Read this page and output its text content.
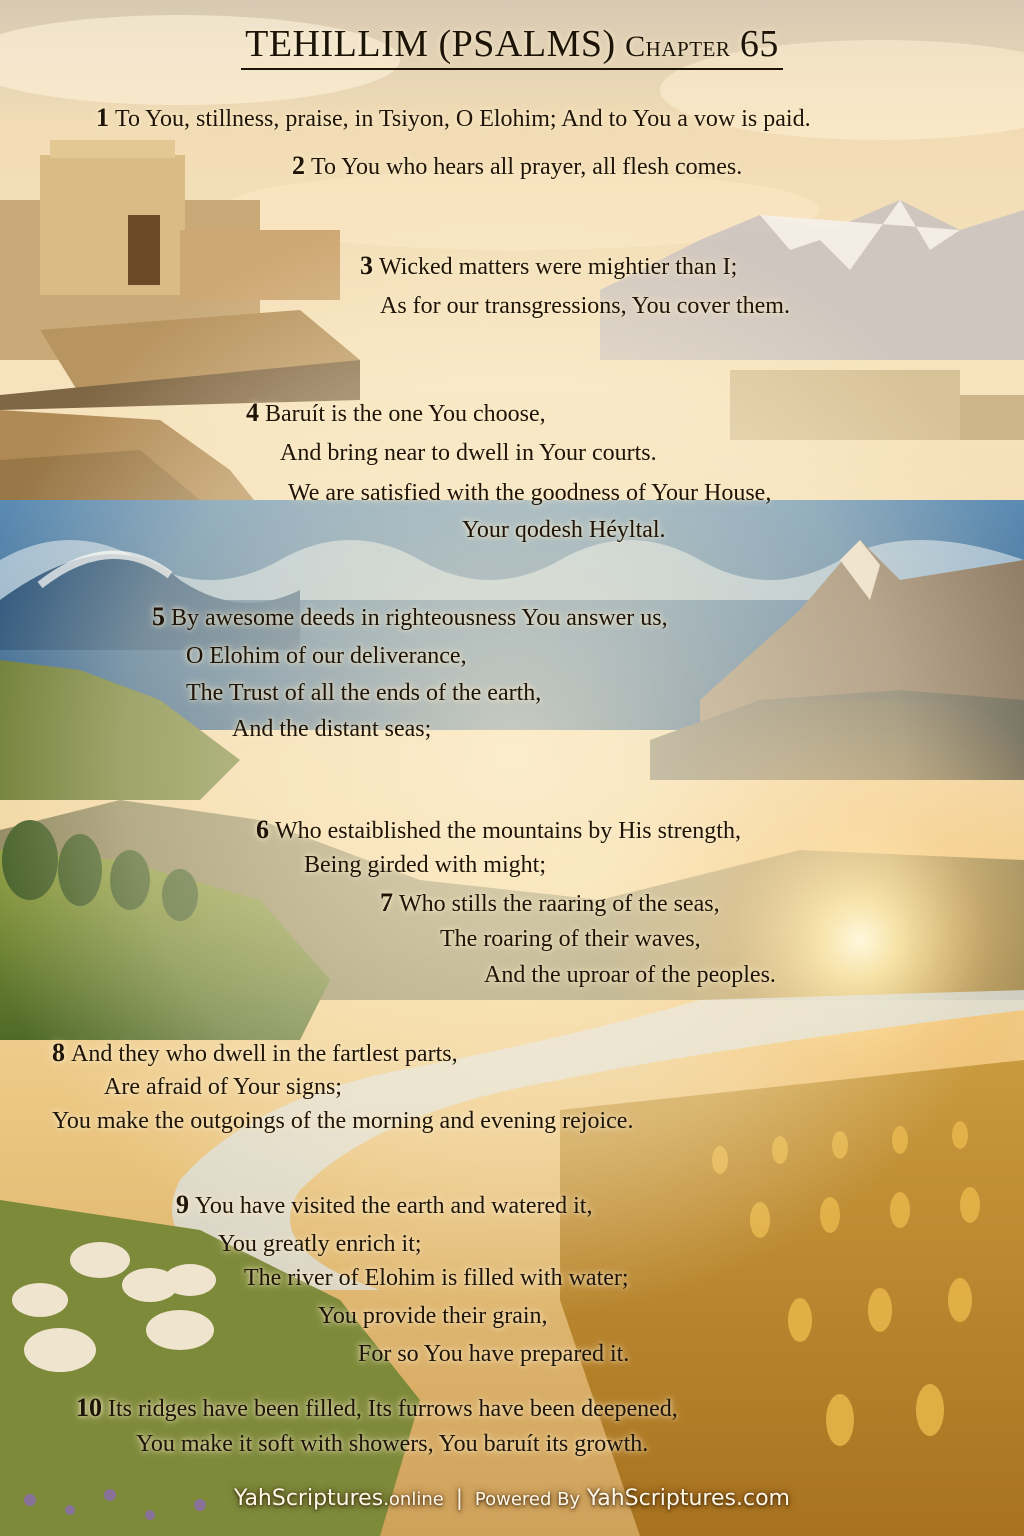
TEHILLIM (PSALMS) Chapter 65
1 To You, stillness, praise, in Tsiyon, O Elohim; And to You a vow is paid.
2 To You who hears all prayer, all flesh comes.
3 Wicked matters were mightier than I;
As for our transgressions, You cover them.
4 Baruít is the one You choose,
And bring near to dwell in Your courts.
We are satisfied with the goodness of Your House,
Your qodesh Héyltal.
5 By awesome deeds in righteousness You answer us,
O Elohim of our deliverance,
The Trust of all the ends of the earth,
And the distant seas;
6 Who estaiblished the mountains by His strength,
Being girded with might;
7 Who stills the raaring of the seas,
The roaring of their waves,
And the uproar of the peoples.
8 And they who dwell in the fartlest parts,
Are afraid of Your signs;
You make the outgoings of the morning and evening rejoice.
9 You have visited the earth and watered it,
You greatly enrich it;
The river of Elohim is filled with water;
You provide their grain,
For so You have prepared it.
10 Its ridges have been filled, Its furrows have been deepened,
You make it soft with showers, You baruít its growth.
YahScriptures.online | Powered By YahScriptures.com
